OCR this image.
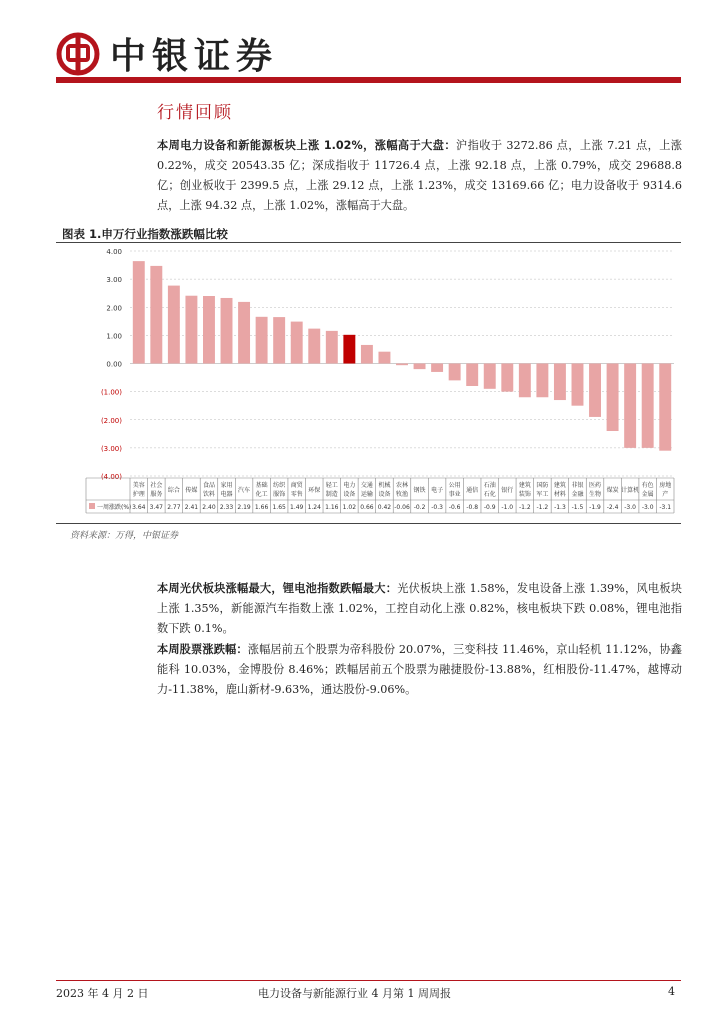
中银证券
行情回顾
本周电力设备和新能源板块上涨 1.02%，涨幅高于大盘：沪指收于 3272.86 点，上涨 7.21 点，上涨 0.22%，成交 20543.35 亿；深成指收于 11726.4 点，上涨 92.18 点，上涨 0.79%，成交 29688.8 亿；创业板收于 2399.5 点，上涨 29.12 点，上涨 1.23%，成交 13169.66 亿；电力设备收于 9314.6 点，上涨 94.32 点，上涨 1.02%，涨幅高于大盘。
图表 1.申万行业指数涨跌幅比较
4.00
3.00
2.00
1.00
0.00
(1.00)
(2.00)
(3.00)
(4.00)
一周涨跌(%)
美容
护理
3.64
社会
服务
3.47
综合
2.77
传媒
2.41
食品
饮料
2.40
家用
电器
2.33
汽车
2.19
基础
化工
1.66
纺织
服饰
1.65
商贸
零售
1.49
环保
1.24
轻工
制造
1.16
电力
设备
1.02
交通
运输
0.66
机械
设备
0.42
农林
牧渔
-0.06
钢铁
-0.2
电子
-0.3
公用
事业
-0.6
通信
-0.8
石油
石化
-0.9
银行
-1.0
建筑
装饰
-1.2
国防
军工
-1.2
建筑
材料
-1.3
非银
金融
-1.5
医药
生物
-1.9
煤炭
-2.4
计算机
-3.0
有色
金属
-3.0
房地
产
-3.1
资料来源：万得，中银证券
本周光伏板块涨幅最大，锂电池指数跌幅最大：光伏板块上涨 1.58%，发电设备上涨 1.39%，风电板块上涨 1.35%，新能源汽车指数上涨 1.02%，工控自动化上涨 0.82%，核电板块下跌 0.08%，锂电池指数下跌 0.1%。
本周股票涨跌幅：涨幅居前五个股票为帝科股份 20.07%，三变科技 11.46%，京山轻机 11.12%，协鑫能科 10.03%，金博股份 8.46%；跌幅居前五个股票为融捷股份-13.88%，红相股份-11.47%，越博动力-11.38%，鹿山新材-9.63%，通达股份-9.06%。
2023 年 4 月 2 日	电力设备与新能源行业 4 月第 1 周周报	4
